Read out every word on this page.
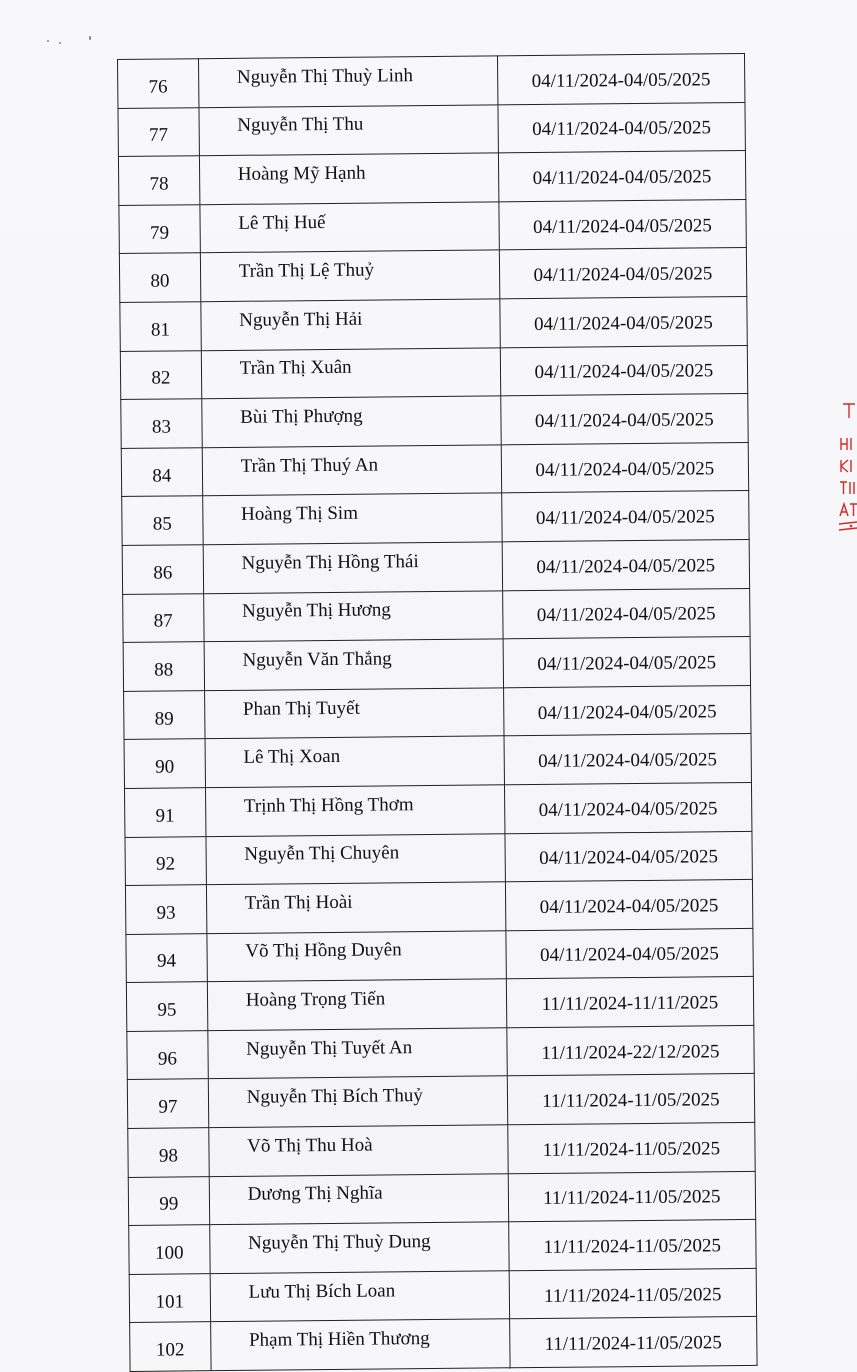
76	Nguyễn Thị Thuỳ Linh	04/11/2024-04/05/2025
77	Nguyễn Thị Thu	04/11/2024-04/05/2025
78	Hoàng Mỹ Hạnh	04/11/2024-04/05/2025
79	Lê Thị Huế	04/11/2024-04/05/2025
80	Trần Thị Lệ Thuỷ	04/11/2024-04/05/2025
81	Nguyễn Thị Hải	04/11/2024-04/05/2025
82	Trần Thị Xuân	04/11/2024-04/05/2025
83	Bùi Thị Phượng	04/11/2024-04/05/2025
84	Trần Thị Thuý An	04/11/2024-04/05/2025
85	Hoàng Thị Sim	04/11/2024-04/05/2025
86	Nguyễn Thị Hồng Thái	04/11/2024-04/05/2025
87	Nguyễn Thị Hương	04/11/2024-04/05/2025
88	Nguyễn Văn Thắng	04/11/2024-04/05/2025
89	Phan Thị Tuyết	04/11/2024-04/05/2025
90	Lê Thị Xoan	04/11/2024-04/05/2025
91	Trịnh Thị Hồng Thơm	04/11/2024-04/05/2025
92	Nguyễn Thị Chuyên	04/11/2024-04/05/2025
93	Trần Thị Hoài	04/11/2024-04/05/2025
94	Võ Thị Hồng Duyên	04/11/2024-04/05/2025
95	Hoàng Trọng Tiến	11/11/2024-11/11/2025
96	Nguyễn Thị Tuyết An	11/11/2024-22/12/2025
97	Nguyễn Thị Bích Thuỷ	11/11/2024-11/05/2025
98	Võ Thị Thu Hoà	11/11/2024-11/05/2025
99	Dương Thị Nghĩa	11/11/2024-11/05/2025
100	Nguyễn Thị Thuỳ Dung	11/11/2024-11/05/2025
101	Lưu Thị Bích Loan	11/11/2024-11/05/2025
102	Phạm Thị Hiền Thương	11/11/2024-11/05/2025
